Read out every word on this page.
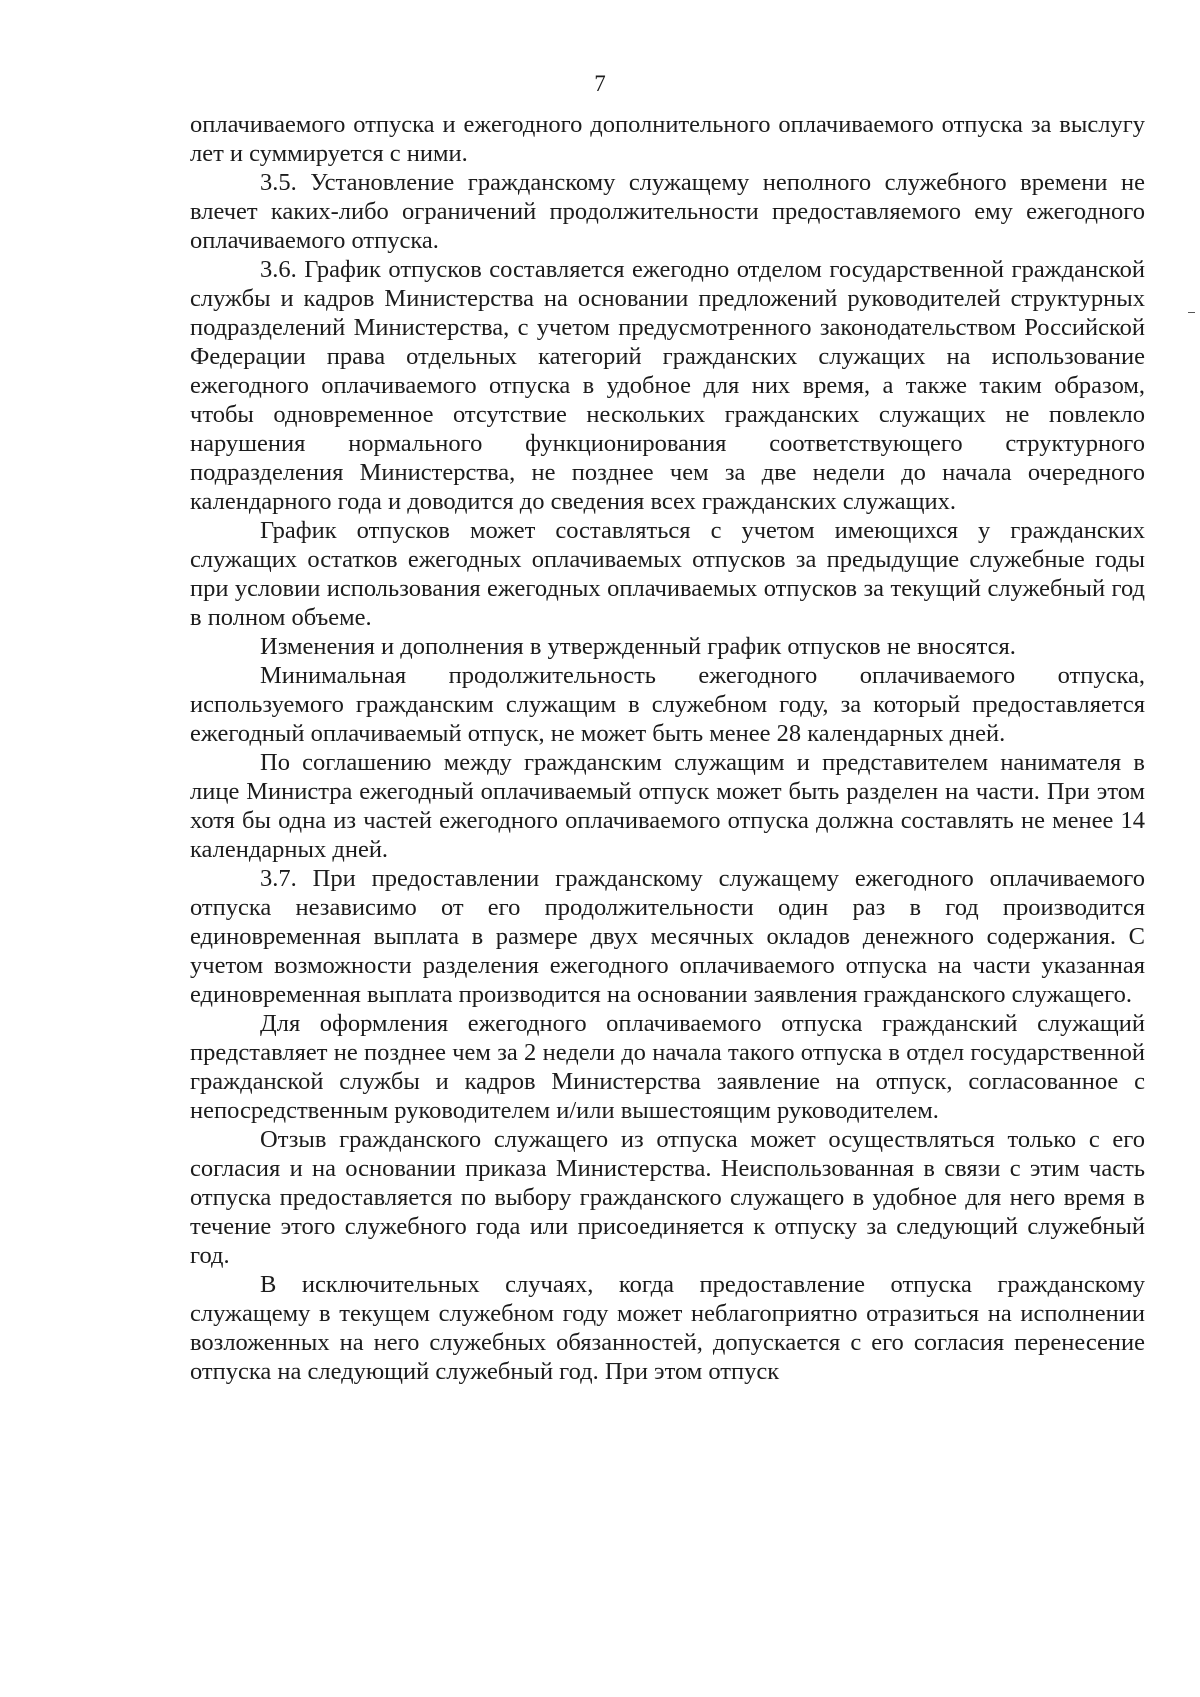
7

оплачиваемого отпуска и ежегодного дополнительного оплачиваемого отпуска за выслугу лет и суммируется с ними.

3.5. Установление гражданскому служащему неполного служебного времени не влечет каких-либо ограничений продолжительности предоставляемого ему ежегодного оплачиваемого отпуска.

3.6. График отпусков составляется ежегодно отделом государственной гражданской службы и кадров Министерства на основании предложений руководителей структурных подразделений Министерства, с учетом предусмотренного законодательством Российской Федерации права отдельных категорий гражданских служащих на использование ежегодного оплачиваемого отпуска в удобное для них время, а также таким образом, чтобы одновременное отсутствие нескольких гражданских служащих не повлекло нарушения нормального функционирования соответствующего структурного подразделения Министерства, не позднее чем за две недели до начала очередного календарного года и доводится до сведения всех гражданских служащих.

График отпусков может составляться с учетом имеющихся у гражданских служащих остатков ежегодных оплачиваемых отпусков за предыдущие служебные годы при условии использования ежегодных оплачиваемых отпусков за текущий служебный год в полном объеме.

Изменения и дополнения в утвержденный график отпусков не вносятся.

Минимальная продолжительность ежегодного оплачиваемого отпуска, используемого гражданским служащим в служебном году, за который предоставляется ежегодный оплачиваемый отпуск, не может быть менее 28 календарных дней.

По соглашению между гражданским служащим и представителем нанимателя в лице Министра ежегодный оплачиваемый отпуск может быть разделен на части. При этом хотя бы одна из частей ежегодного оплачиваемого отпуска должна составлять не менее 14 календарных дней.

3.7. При предоставлении гражданскому служащему ежегодного оплачиваемого отпуска независимо от его продолжительности один раз в год производится единовременная выплата в размере двух месячных окладов денежного содержания. С учетом возможности разделения ежегодного оплачиваемого отпуска на части указанная единовременная выплата производится на основании заявления гражданского служащего.

Для оформления ежегодного оплачиваемого отпуска гражданский служащий представляет не позднее чем за 2 недели до начала такого отпуска в отдел государственной гражданской службы и кадров Министерства заявление на отпуск, согласованное с непосредственным руководителем и/или вышестоящим руководителем.

Отзыв гражданского служащего из отпуска может осуществляться только с его согласия и на основании приказа Министерства. Неиспользованная в связи с этим часть отпуска предоставляется по выбору гражданского служащего в удобное для него время в течение этого служебного года или присоединяется к отпуску за следующий служебный год.

В исключительных случаях, когда предоставление отпуска гражданскому служащему в текущем служебном году может неблагоприятно отразиться на исполнении возложенных на него служебных обязанностей, допускается с его согласия перенесение отпуска на следующий служебный год. При этом отпуск
